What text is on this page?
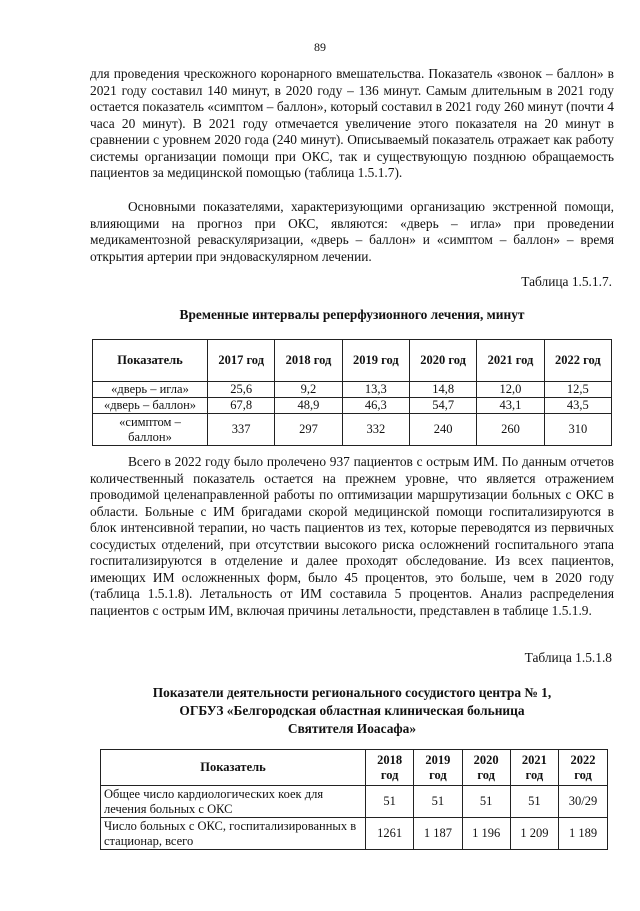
89

для проведения чрескожного коронарного вмешательства. Показатель «звонок – баллон» в 2021 году составил 140 минут, в 2020 году – 136 минут. Самым длительным в 2021 году остается показатель «симптом – баллон», который составил в 2021 году 260 минут (почти 4 часа 20 минут). В 2021 году отмечается увеличение этого показателя на 20 минут в сравнении с уровнем 2020 года (240 минут). Описываемый показатель отражает как работу системы организации помощи при ОКС, так и существующую позднюю обращаемость пациентов за медицинской помощью (таблица 1.5.1.7).

Основными показателями, характеризующими организацию экстренной помощи, влияющими на прогноз при ОКС, являются: «дверь – игла» при проведении медикаментозной реваскуляризации, «дверь – баллон» и «симптом – баллон» – время открытия артерии при эндоваскулярном лечении.

Таблица 1.5.1.7.

Временные интервалы реперфузионного лечения, минут

Показатель	2017 год	2018 год	2019 год	2020 год	2021 год	2022 год
«дверь – игла»	25,6	9,2	13,3	14,8	12,0	12,5
«дверь – баллон»	67,8	48,9	46,3	54,7	43,1	43,5
«симптом – баллон»	337	297	332	240	260	310

Всего в 2022 году было пролечено 937 пациентов с острым ИМ. По данным отчетов количественный показатель остается на прежнем уровне, что является отражением проводимой целенаправленной работы по оптимизации маршрутизации больных с ОКС в области. Больные с ИМ бригадами скорой медицинской помощи госпитализируются в блок интенсивной терапии, но часть пациентов из тех, которые переводятся из первичных сосудистых отделений, при отсутствии высокого риска осложнений госпитального этапа госпитализируются в отделение и далее проходят обследование. Из всех пациентов, имеющих ИМ осложненных форм, было 45 процентов, это больше, чем в 2020 году (таблица 1.5.1.8). Летальность от ИМ составила 5 процентов. Анализ распределения пациентов с острым ИМ, включая причины летальности, представлен в таблице 1.5.1.9.

Таблица 1.5.1.8

Показатели деятельности регионального сосудистого центра № 1,

ОГБУЗ «Белгородская областная клиническая больница

Святителя Иоасафа»

Показатель	2018 год	2019 год	2020 год	2021 год	2022 год
Общее число кардиологических коек для лечения больных с ОКС	51	51	51	51	30/29
Число больных с ОКС, госпитализированных в стационар, всего	1261	1 187	1 196	1 209	1 189
